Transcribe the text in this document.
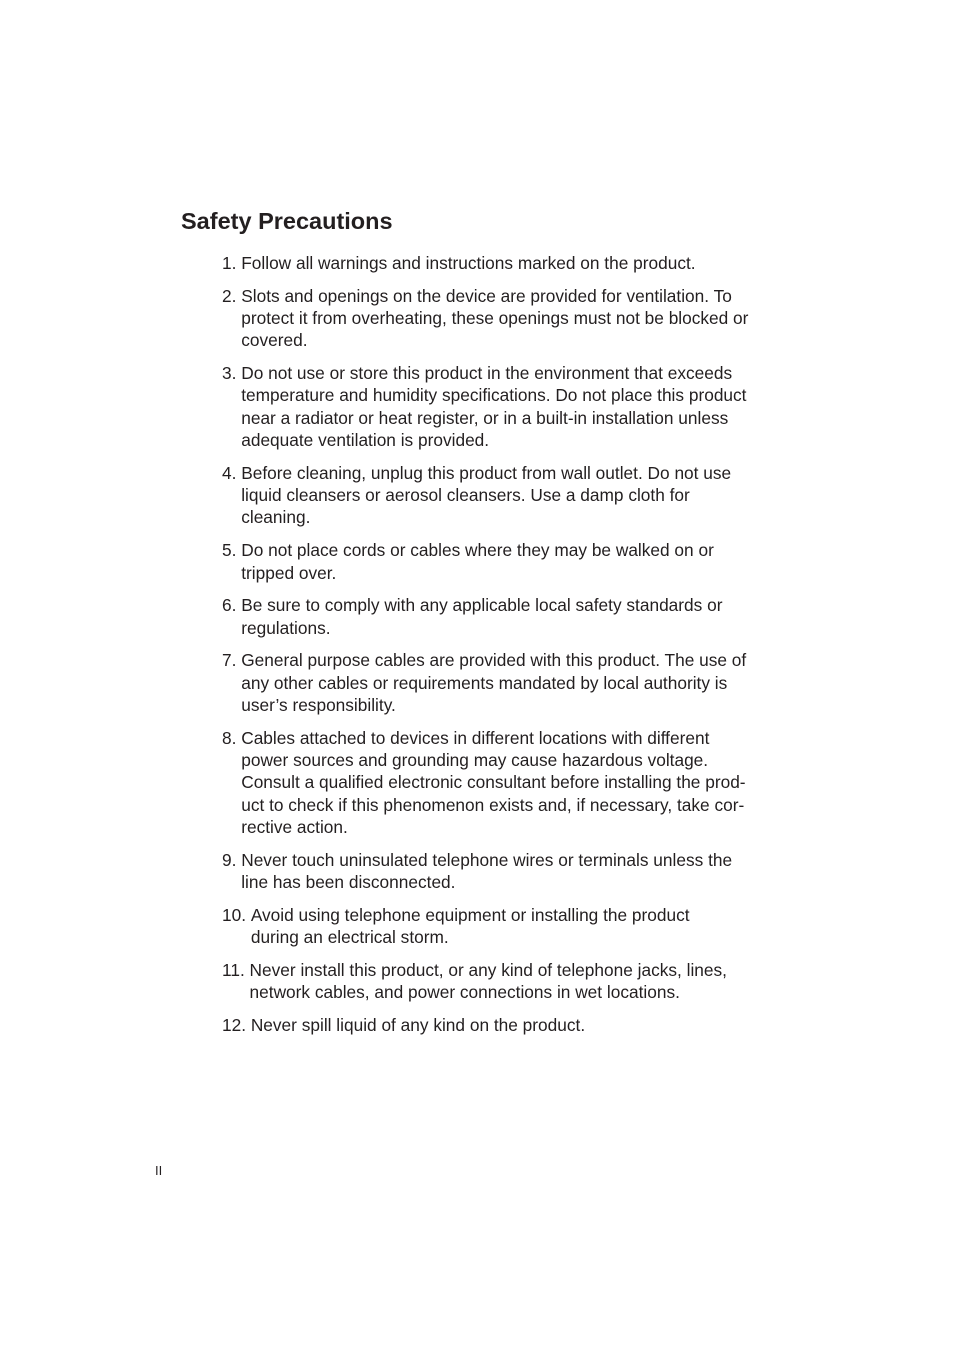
Safety Precautions
1. Follow all warnings and instructions marked on the product.
2. Slots and openings on the device are provided for ventilation. To
protect it from overheating, these openings must not be blocked or
covered.
3. Do not use or store this product in the environment that exceeds
temperature and humidity specifications. Do not place this product
near a radiator or heat register, or in a built-in installation unless
adequate ventilation is provided.
4. Before cleaning, unplug this product from wall outlet. Do not use
liquid cleansers or aerosol cleansers. Use a damp cloth for
cleaning.
5. Do not place cords or cables where they may be walked on or
tripped over.
6. Be sure to comply with any applicable local safety standards or
regulations.
7. General purpose cables are provided with this product. The use of
any other cables or requirements mandated by local authority is
user’s responsibility.
8. Cables attached to devices in different locations with different
power sources and grounding may cause hazardous voltage.
Consult a qualified electronic consultant before installing the prod-
uct to check if this phenomenon exists and, if necessary, take cor-
rective action.
9. Never touch uninsulated telephone wires or terminals unless the
line has been disconnected.
10. Avoid using telephone equipment or installing the product
during an electrical storm.
11. Never install this product, or any kind of telephone jacks, lines,
network cables, and power connections in wet locations.
12. Never spill liquid of any kind on the product.
II
